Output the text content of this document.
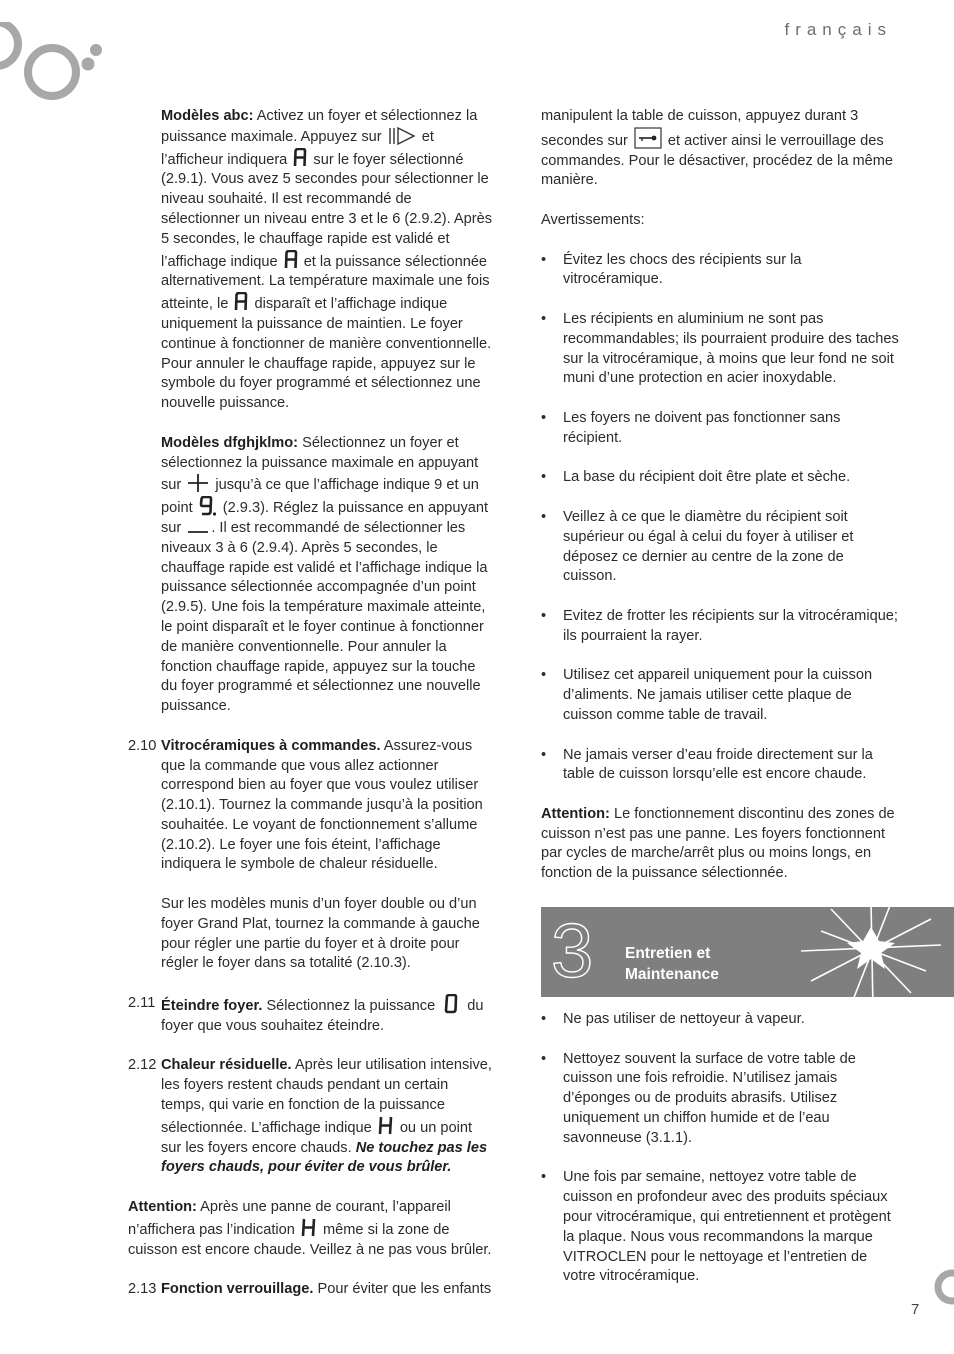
français

Modèles abc: Activez un foyer et sélectionnez la puissance maximale. Appuyez sur  et l’afficheur indiquera  sur le foyer sélectionné (2.9.1). Vous avez 5 secondes pour sélectionner le niveau souhaité. Il est recommandé de sélectionner un niveau entre 3 et le 6 (2.9.2). Après 5 secondes, le chauffage rapide est validé et l’affichage indique  et la puissance sélectionnée alternativement. La température maximale une fois atteinte, le  disparaît et l’affichage indique uniquement la puissance de maintien. Le foyer continue à fonctionner de manière conventionnelle. Pour annuler le chauffage rapide, appuyez sur le symbole du foyer programmé et sélectionnez une nouvelle puissance.

Modèles dfghjklmo: Sélectionnez un foyer et sélectionnez la puissance maximale en appuyant sur  jusqu’à ce que l’affichage indique 9 et un point  (2.9.3). Réglez la puissance en appuyant sur . Il est recommandé de sélectionner les niveaux 3 à 6 (2.9.4). Après 5 secondes, le chauffage rapide est validé et l’affichage indique la puissance sélectionnée accompagnée d’un point (2.9.5). Une fois la température maximale atteinte, le point disparaît et le foyer continue à fonctionner de manière conventionnelle. Pour annuler la fonction chauffage rapide, appuyez sur la touche du foyer programmé et sélectionnez une nouvelle puissance.

2.10 Vitrocéramiques à commandes. Assurez-vous que la commande que vous allez actionner correspond bien au foyer que vous voulez utiliser (2.10.1). Tournez la commande jusqu’à la position souhaitée. Le voyant de fonctionnement s’allume (2.10.2). Le foyer une fois éteint, l’affichage indiquera le symbole de chaleur résiduelle.

Sur les modèles munis d’un foyer double ou d’un foyer Grand Plat, tournez la commande à gauche pour régler une partie du foyer et à droite pour régler le foyer dans sa totalité (2.10.3).

2.11 Éteindre foyer. Sélectionnez la puissance  du foyer que vous souhaitez éteindre.

2.12 Chaleur résiduelle. Après leur utilisation intensive, les foyers restent chauds pendant un certain temps, qui varie en fonction de la puissance sélectionnée. L’affichage indique  ou un point sur les foyers encore chauds. Ne touchez pas les foyers chauds, pour éviter de vous brûler.

Attention: Après une panne de courant, l’appareil n’affichera pas l’indication  même si la zone de cuisson est encore chaude. Veillez à ne pas vous brûler.

2.13 Fonction verrouillage. Pour éviter que les enfants

manipulent la table de cuisson, appuyez durant 3 secondes sur  et activer ainsi le verrouillage des commandes. Pour le désactiver, procédez de la même manière.

Avertissements:

• Évitez les chocs des récipients sur la vitrocéramique.
• Les récipients en aluminium ne sont pas recommandables; ils pourraient produire des taches sur la vitrocéramique, à moins que leur fond ne soit muni d’une protection en acier inoxydable.
• Les foyers ne doivent pas fonctionner sans récipient.
• La base du récipient doit être plate et sèche.
• Veillez à ce que le diamètre du récipient soit supérieur ou égal à celui du foyer à utiliser et déposez ce dernier au centre de la zone de cuisson.
• Evitez de frotter les récipients sur la vitrocéramique; ils pourraient la rayer.
• Utilisez cet appareil uniquement pour la cuisson d’aliments. Ne jamais utiliser cette plaque de cuisson comme table de travail.
• Ne jamais verser d’eau froide directement sur la table de cuisson lorsqu’elle est encore chaude.

Attention: Le fonctionnement discontinu des zones de cuisson n’est pas une panne. Les foyers fonctionnent par cycles de marche/arrêt plus ou moins longs, en fonction de la puissance sélectionnée.

3 Entretien et
Maintenance
• Ne pas utiliser de nettoyeur à vapeur.
• Nettoyez souvent la surface de votre table de cuisson une fois refroidie. N’utilisez jamais d’éponges ou de produits abrasifs. Utilisez uniquement un chiffon humide et de l’eau savonneuse (3.1.1).
• Une fois par semaine, nettoyez votre table de cuisson en profondeur avec des produits spéciaux pour vitrocéramique, qui entretiennent et protègent la plaque. Nous vous recommandons la marque VITROCLEN pour le nettoyage et l’entretien de votre vitrocéramique.
7
